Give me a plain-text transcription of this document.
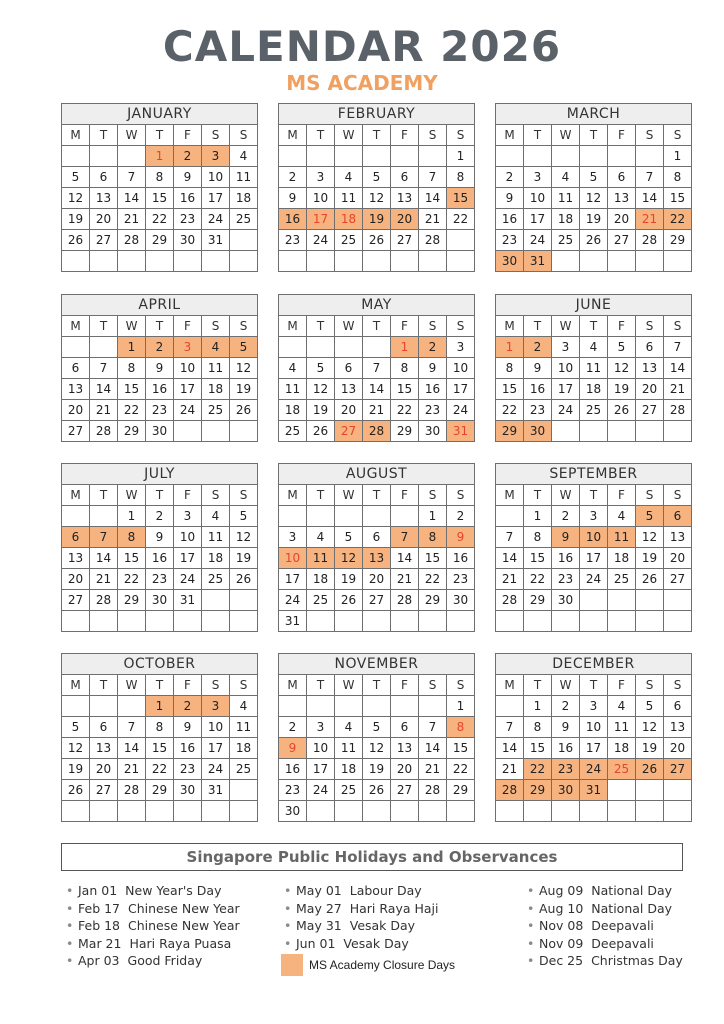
CALENDAR 2026
MS ACADEMY
JANUARY						
M	T	W	T	F	S	S
			1	2	3	4
5	6	7	8	9	10	11
12	13	14	15	16	17	18
19	20	21	22	23	24	25
26	27	28	29	30	31	

FEBRUARY						
M	T	W	T	F	S	S
						1
2	3	4	5	6	7	8
9	10	11	12	13	14	15
16	17	18	19	20	21	22
23	24	25	26	27	28	

MARCH						
M	T	W	T	F	S	S
						1
2	3	4	5	6	7	8
9	10	11	12	13	14	15
16	17	18	19	20	21	22
23	24	25	26	27	28	29
30	31					
APRIL						
M	T	W	T	F	S	S
		1	2	3	4	5
6	7	8	9	10	11	12
13	14	15	16	17	18	19
20	21	22	23	24	25	26
27	28	29	30			
MAY						
M	T	W	T	F	S	S
				1	2	3
4	5	6	7	8	9	10
11	12	13	14	15	16	17
18	19	20	21	22	23	24
25	26	27	28	29	30	31
JUNE						
M	T	W	T	F	S	S
1	2	3	4	5	6	7
8	9	10	11	12	13	14
15	16	17	18	19	20	21
22	23	24	25	26	27	28
29	30					
JULY						
M	T	W	T	F	S	S
		1	2	3	4	5
6	7	8	9	10	11	12
13	14	15	16	17	18	19
20	21	22	23	24	25	26
27	28	29	30	31		

AUGUST						
M	T	W	T	F	S	S
					1	2
3	4	5	6	7	8	9
10	11	12	13	14	15	16
17	18	19	20	21	22	23
24	25	26	27	28	29	30
31						
SEPTEMBER						
M	T	W	T	F	S	S
	1	2	3	4	5	6
7	8	9	10	11	12	13
14	15	16	17	18	19	20
21	22	23	24	25	26	27
28	29	30				

OCTOBER						
M	T	W	T	F	S	S
			1	2	3	4
5	6	7	8	9	10	11
12	13	14	15	16	17	18
19	20	21	22	23	24	25
26	27	28	29	30	31	

NOVEMBER						
M	T	W	T	F	S	S
						1
2	3	4	5	6	7	8
9	10	11	12	13	14	15
16	17	18	19	20	21	22
23	24	25	26	27	28	29
30						
DECEMBER						
M	T	W	T	F	S	S
	1	2	3	4	5	6
7	8	9	10	11	12	13
14	15	16	17	18	19	20
21	22	23	24	25	26	27
28	29	30	31			

Singapore Public Holidays and Observances
• Jan 01 New Year's Day
• Feb 17 Chinese New Year
• Feb 18 Chinese New Year
• Mar 21 Hari Raya Puasa
• Apr 03 Good Friday
• May 01 Labour Day
• May 27 Hari Raya Haji
• May 31 Vesak Day
• Jun 01 Vesak Day
• Aug 09 National Day
• Aug 10 National Day
• Nov 08 Deepavali
• Nov 09 Deepavali
• Dec 25 Christmas Day
MS Academy Closure Days
